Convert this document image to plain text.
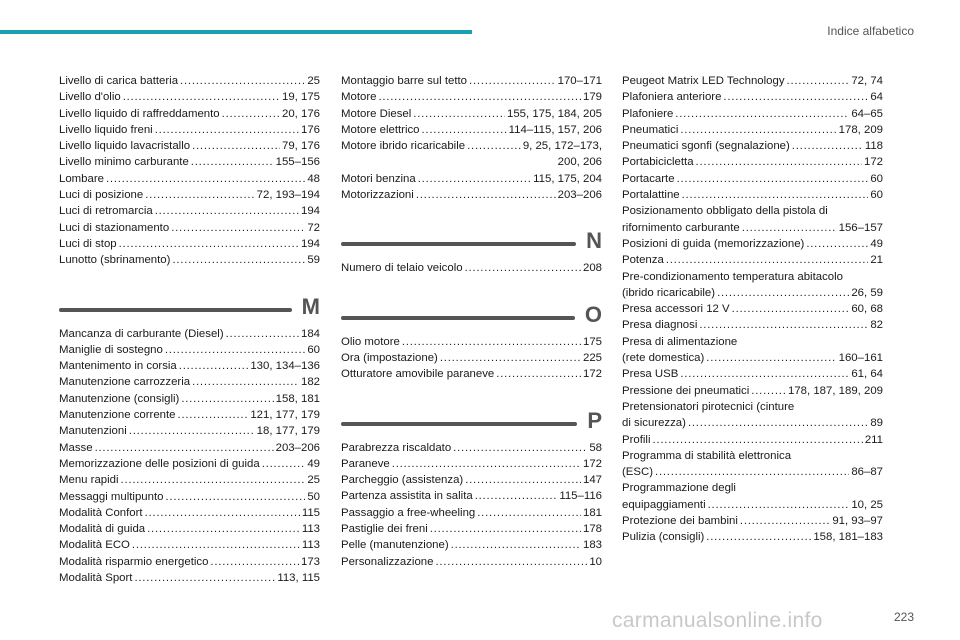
Indice alfabetico
Livello di carica batteria . . .	25
Livello d'olio . . .	19, 175
Livello liquido di raffreddamento . . .	20, 176
Livello liquido freni . . .	176
Livello liquido lavacristallo . . .	79, 176
Livello minimo carburante . . .	155–156
Lombare . . .	48
Luci di posizione . . .	72, 193–194
Luci di retromarcia . . .	194
Luci di stazionamento . . .	72
Luci di stop . . .	194
Lunotto (sbrinamento) . . .	59
M
Mancanza di carburante (Diesel) . . .	184
Maniglie di sostegno . . .	60
Mantenimento in corsia . . .	130, 134–136
Manutenzione carrozzeria . . .	182
Manutenzione (consigli) . . .	158, 181
Manutenzione corrente . . .	121, 177, 179
Manutenzioni . . .	18, 177, 179
Masse . . .	203–206
Memorizzazione delle posizioni di guida . . .	49
Menu rapidi . . .	25
Messaggi multipunto . . .	50
Modalità Confort . . .	115
Modalità di guida . . .	113
Modalità ECO . . .	113
Modalità risparmio energetico . . .	173
Modalità Sport . . .	113, 115
Montaggio barre sul tetto . . .	170–171
Motore . . .	179
Motore Diesel . . .	155, 175, 184, 205
Motore elettrico . . .	114–115, 157, 206
Motore ibrido ricaricabile . . .	9, 25, 172–173,
200, 206
Motori benzina . . .	115, 175, 204
Motorizzazioni . . .	203–206
N
Numero di telaio veicolo . . .	208
O
Olio motore . . .	175
Ora (impostazione) . . .	225
Otturatore amovibile paraneve . . .	172
P
Parabrezza riscaldato . . .	58
Paraneve . . .	172
Parcheggio (assistenza) . . .	147
Partenza assistita in salita . . .	115–116
Passaggio a free-wheeling . . .	181
Pastiglie dei freni . . .	178
Pelle (manutenzione) . . .	183
Personalizzazione . . .	10
Peugeot Matrix LED Technology . . .	72, 74
Plafoniera anteriore . . .	64
Plafoniere . . .	64–65
Pneumatici . . .	178, 209
Pneumatici sgonfi (segnalazione) . . .	118
Portabicicletta . . .	172
Portacarte . . .	60
Portalattine . . .	60
Posizionamento obbligato della pistola di
rifornimento carburante . . .	156–157
Posizioni di guida (memorizzazione) . . .	49
Potenza . . .	21
Pre-condizionamento temperatura abitacolo
(ibrido ricaricabile) . . .	26, 59
Presa accessori 12 V . . .	60, 68
Presa diagnosi . . .	82
Presa di alimentazione
(rete domestica) . . .	160–161
Presa USB . . .	61, 64
Pressione dei pneumatici . . .	178, 187, 189, 209
Pretensionatori pirotecnici (cinture
di sicurezza) . . .	89
Profili . . .	211
Programma di stabilità elettronica
(ESC) . . .	86–87
Programmazione degli
equipaggiamenti . . .	10, 25
Protezione dei bambini . . .	91, 93–97
Pulizia (consigli) . . .	158, 181–183
223
carmanualsonline.info
